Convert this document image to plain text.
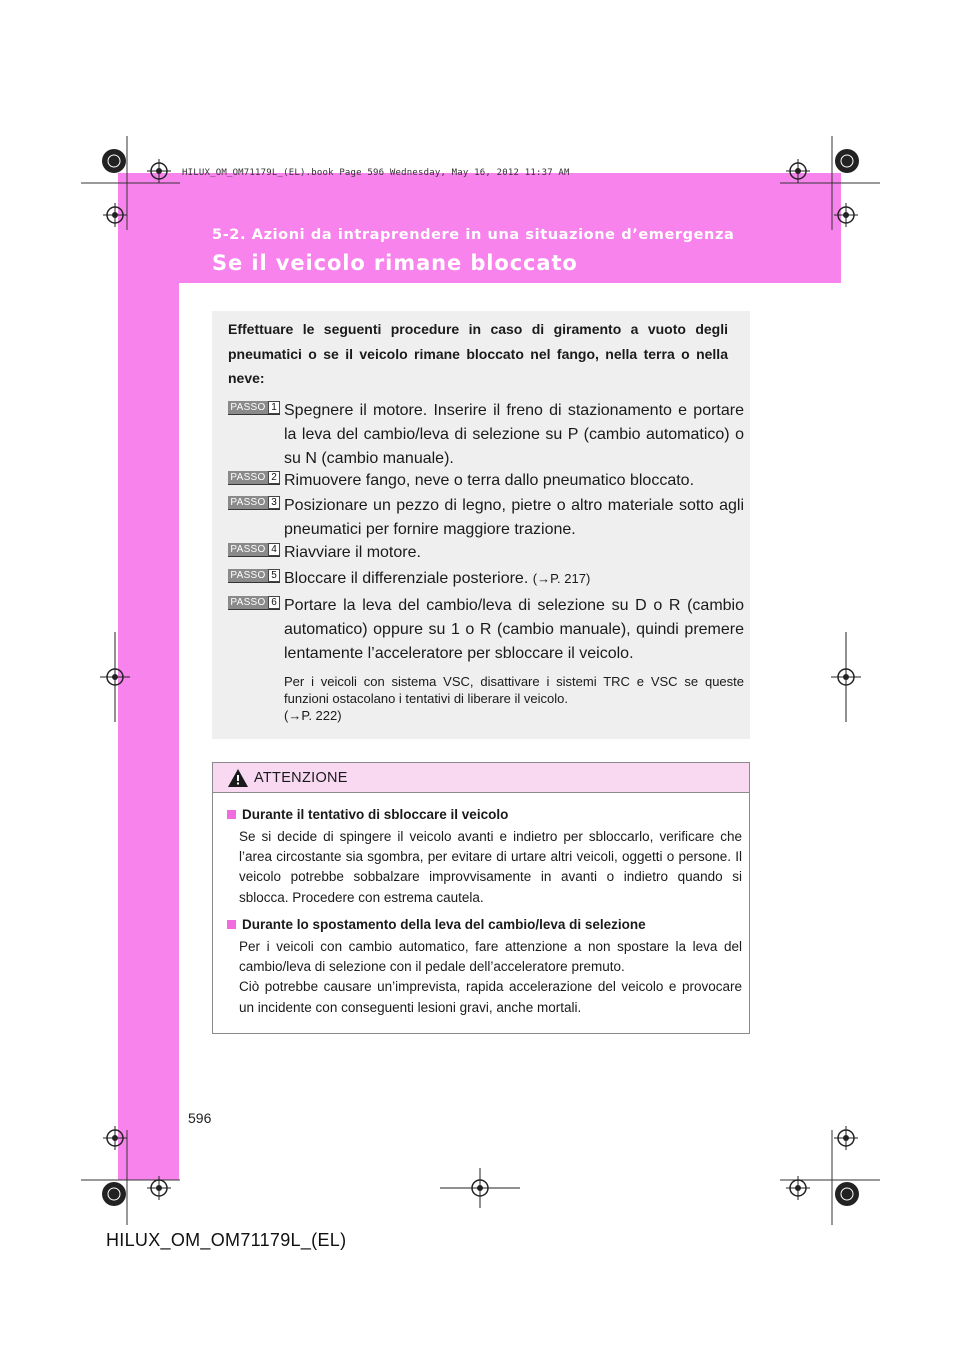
HILUX_OM_OM71179L_(EL).book Page 596 Wednesday, May 16, 2012 11:37 AM
5-2. Azioni da intraprendere in una situazione d’emergenza
Se il veicolo rimane bloccato
Effettuare le seguenti procedure in caso di giramento a vuoto degli pneumatici o se il veicolo rimane bloccato nel fango, nella terra o nella neve:
PASSO 1 Spegnere il motore. Inserire il freno di stazionamento e portare la leva del cambio/leva di selezione su P (cambio automatico) o su N (cambio manuale).
PASSO 2 Rimuovere fango, neve o terra dallo pneumatico bloccato.
PASSO 3 Posizionare un pezzo di legno, pietre o altro materiale sotto agli pneumatici per fornire maggiore trazione.
PASSO 4 Riavviare il motore.
PASSO 5 Bloccare il differenziale posteriore. (→P. 217)
PASSO 6 Portare la leva del cambio/leva di selezione su D o R (cambio automatico) oppure su 1 o R (cambio manuale), quindi premere lentamente l’acceleratore per sbloccare il veicolo.
Per i veicoli con sistema VSC, disattivare i sistemi TRC e VSC se queste funzioni ostacolano i tentativi di liberare il veicolo.
(→P. 222)
ATTENZIONE
Durante il tentativo di sbloccare il veicolo

Se si decide di spingere il veicolo avanti e indietro per sbloccarlo, verificare che l’area circostante sia sgombra, per evitare di urtare altri veicoli, oggetti o persone. Il veicolo potrebbe sobbalzare improvvisamente in avanti o indietro quando si sblocca. Procedere con estrema cautela.

Durante lo spostamento della leva del cambio/leva di selezione

Per i veicoli con cambio automatico, fare attenzione a non spostare la leva del cambio/leva di selezione con il pedale dell’acceleratore premuto.

Ciò potrebbe causare un’imprevista, rapida accelerazione del veicolo e provocare un incidente con conseguenti lesioni gravi, anche mortali.

596
HILUX_OM_OM71179L_(EL)
